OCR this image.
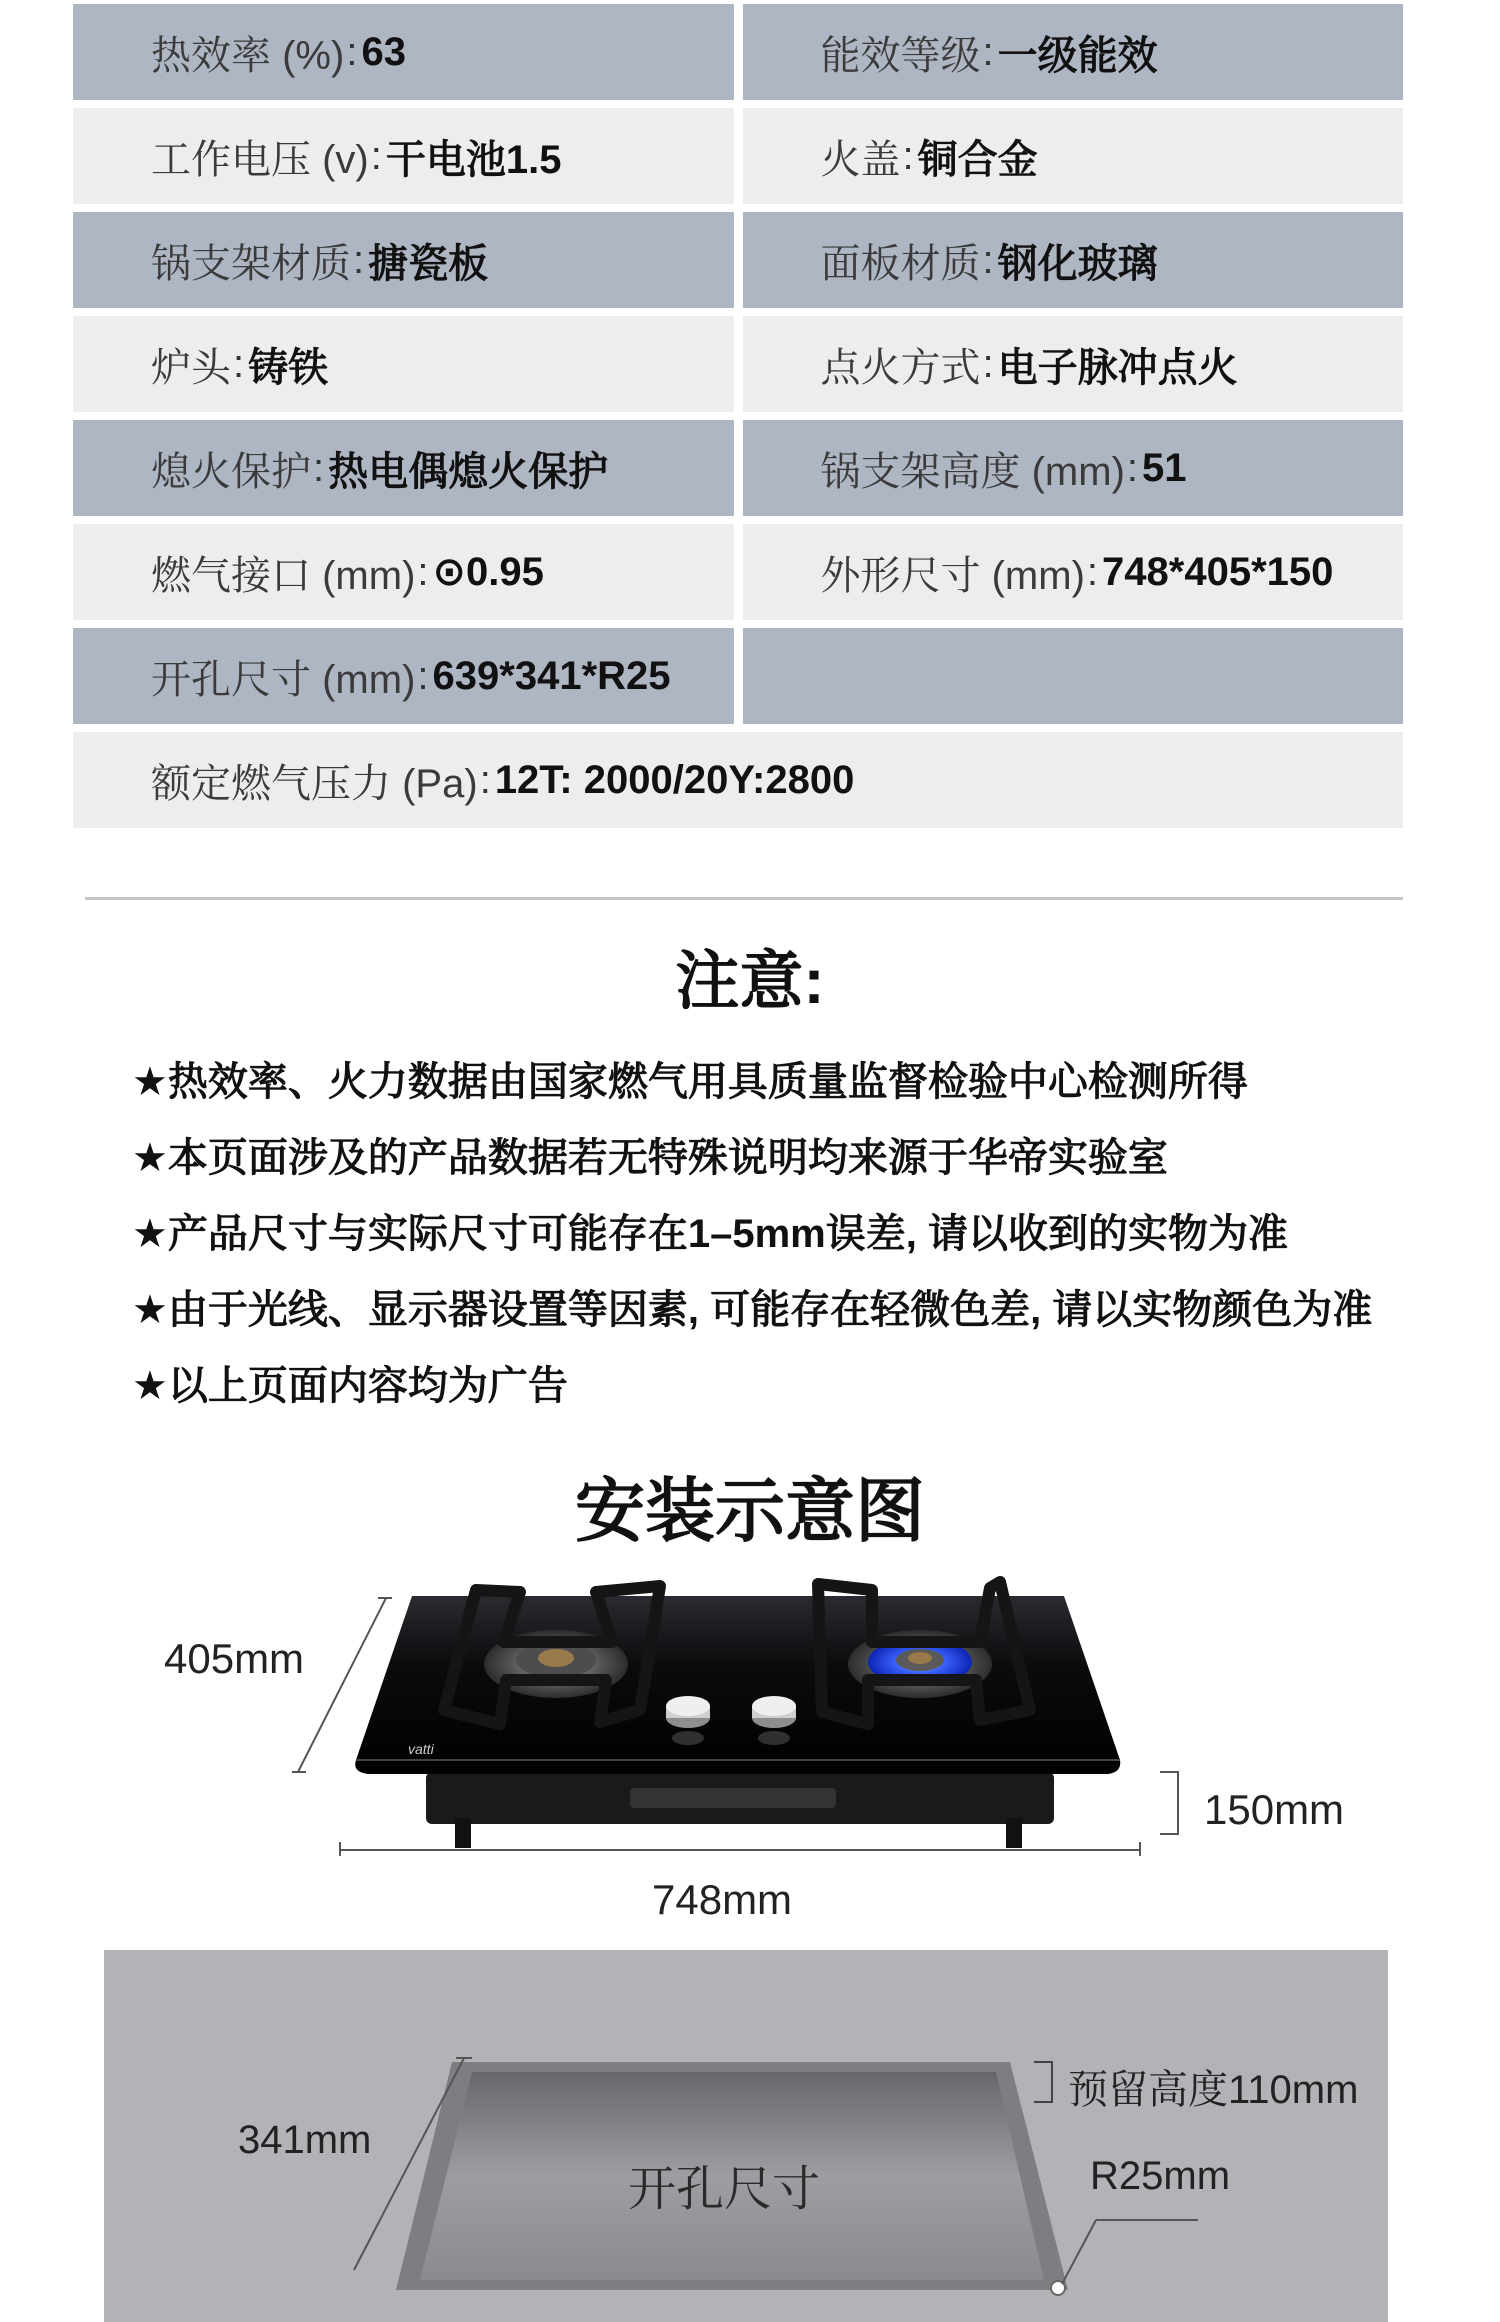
热效率 (%) : 63	能效等级 : 一级能效
工作电压 (v) : 干电池1.5	火盖 : 铜合金
锅支架材质 : 搪瓷板	面板材质 : 钢化玻璃
炉头 : 铸铁	点火方式 : 电子脉冲点火
熄火保护 : 热电偶熄火保护	锅支架高度 (mm) : 51
燃气接口 (mm) : ⊙0.95	外形尺寸 (mm) : 748*405*150
开孔尺寸 (mm) : 639*341*R25
额定燃气压力 (Pa) : 12T: 2000/20Y:2800
注意:
★热效率、火力数据由国家燃气用具质量监督检验中心检测所得
★本页面涉及的产品数据若无特殊说明均来源于华帝实验室
★产品尺寸与实际尺寸可能存在1–5mm误差, 请以收到的实物为准
★由于光线、显示器设置等因素, 可能存在轻微色差, 请以实物颜色为准
★以上页面内容均为广告
安装示意图
vatti
405mm
150mm
748mm
341mm
开孔尺寸
预留高度110mm
R25mm
